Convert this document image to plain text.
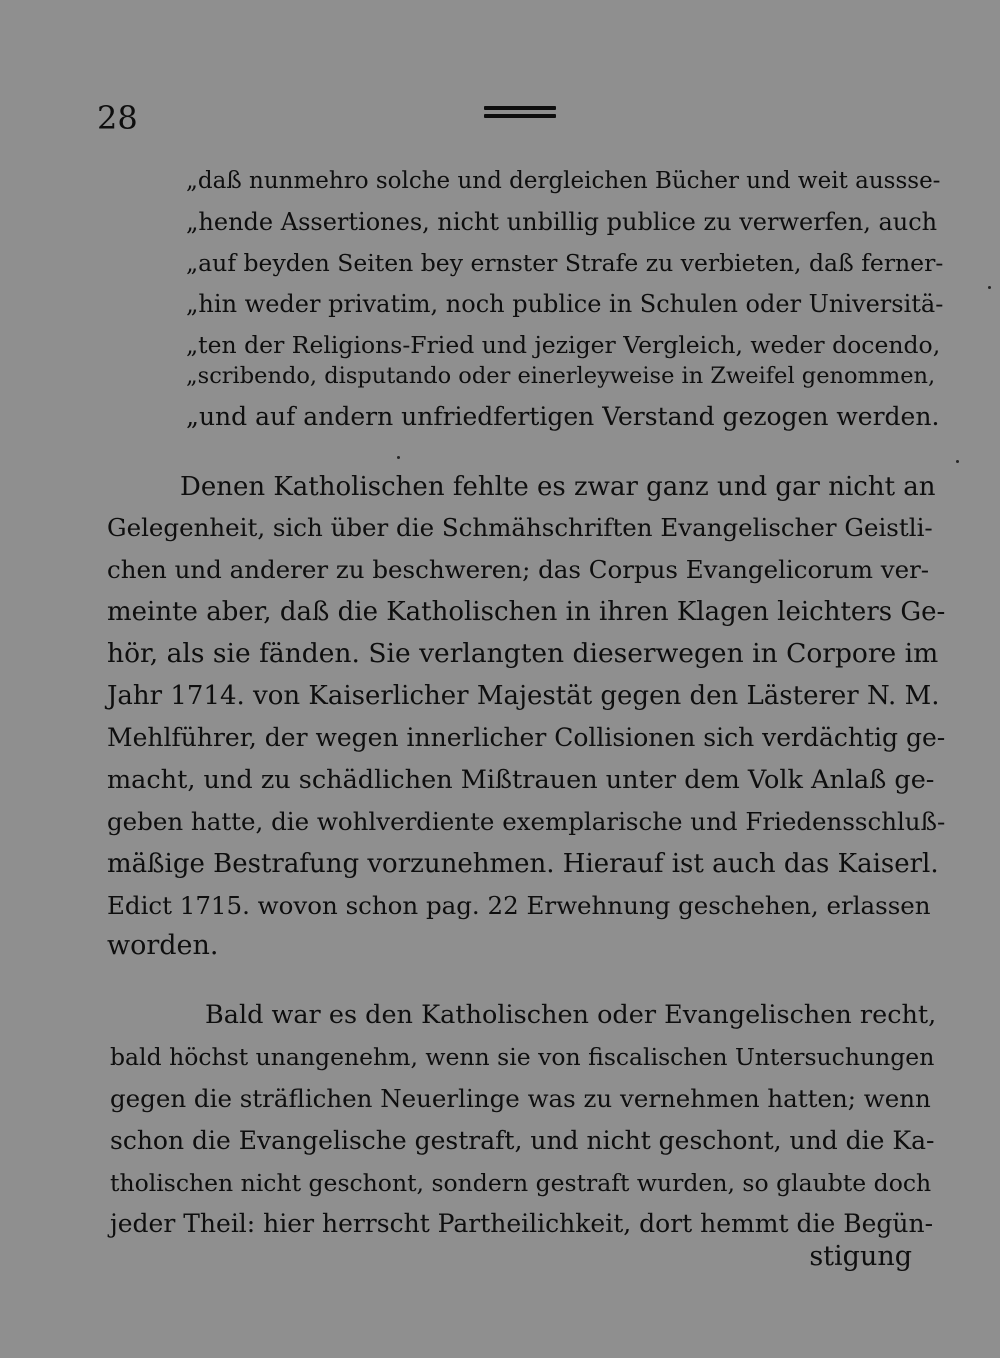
28
„daß nunmehro solche und dergleichen Bücher und weit aussse-
„hende Assertiones, nicht unbillig publice zu verwerfen, auch
„auf beyden Seiten bey ernster Strafe zu verbieten, daß ferner-
„hin weder privatim, noch publice in Schulen oder Universitä-
„ten der Religions-Fried und jeziger Vergleich, weder docendo,
„scribendo, disputando oder einerleyweise in Zweifel genommen,
„und auf andern unfriedfertigen Verstand gezogen werden.
Denen Katholischen fehlte es zwar ganz und gar nicht an
Gelegenheit, sich über die Schmähschriften Evangelischer Geistli-
chen und anderer zu beschweren; das Corpus Evangelicorum ver-
meinte aber, daß die Katholischen in ihren Klagen leichters Ge-
hör, als sie fänden. Sie verlangten dieserwegen in Corpore im
Jahr 1714. von Kaiserlicher Majestät gegen den Lästerer N. M.
Mehlführer, der wegen innerlicher Collisionen sich verdächtig ge-
macht, und zu schädlichen Mißtrauen unter dem Volk Anlaß ge-
geben hatte, die wohlverdiente exemplarische und Friedensschluß-
mäßige Bestrafung vorzunehmen. Hierauf ist auch das Kaiserl.
Edict 1715. wovon schon pag. 22 Erwehnung geschehen, erlassen
worden.
Bald war es den Katholischen oder Evangelischen recht,
bald höchst unangenehm, wenn sie von fiscalischen Untersuchungen
gegen die sträflichen Neuerlinge was zu vernehmen hatten; wenn
schon die Evangelische gestraft, und nicht geschont, und die Ka-
tholischen nicht geschont, sondern gestraft wurden, so glaubte doch
jeder Theil: hier herrscht Partheilichkeit, dort hemmt die Begün-
stigung
